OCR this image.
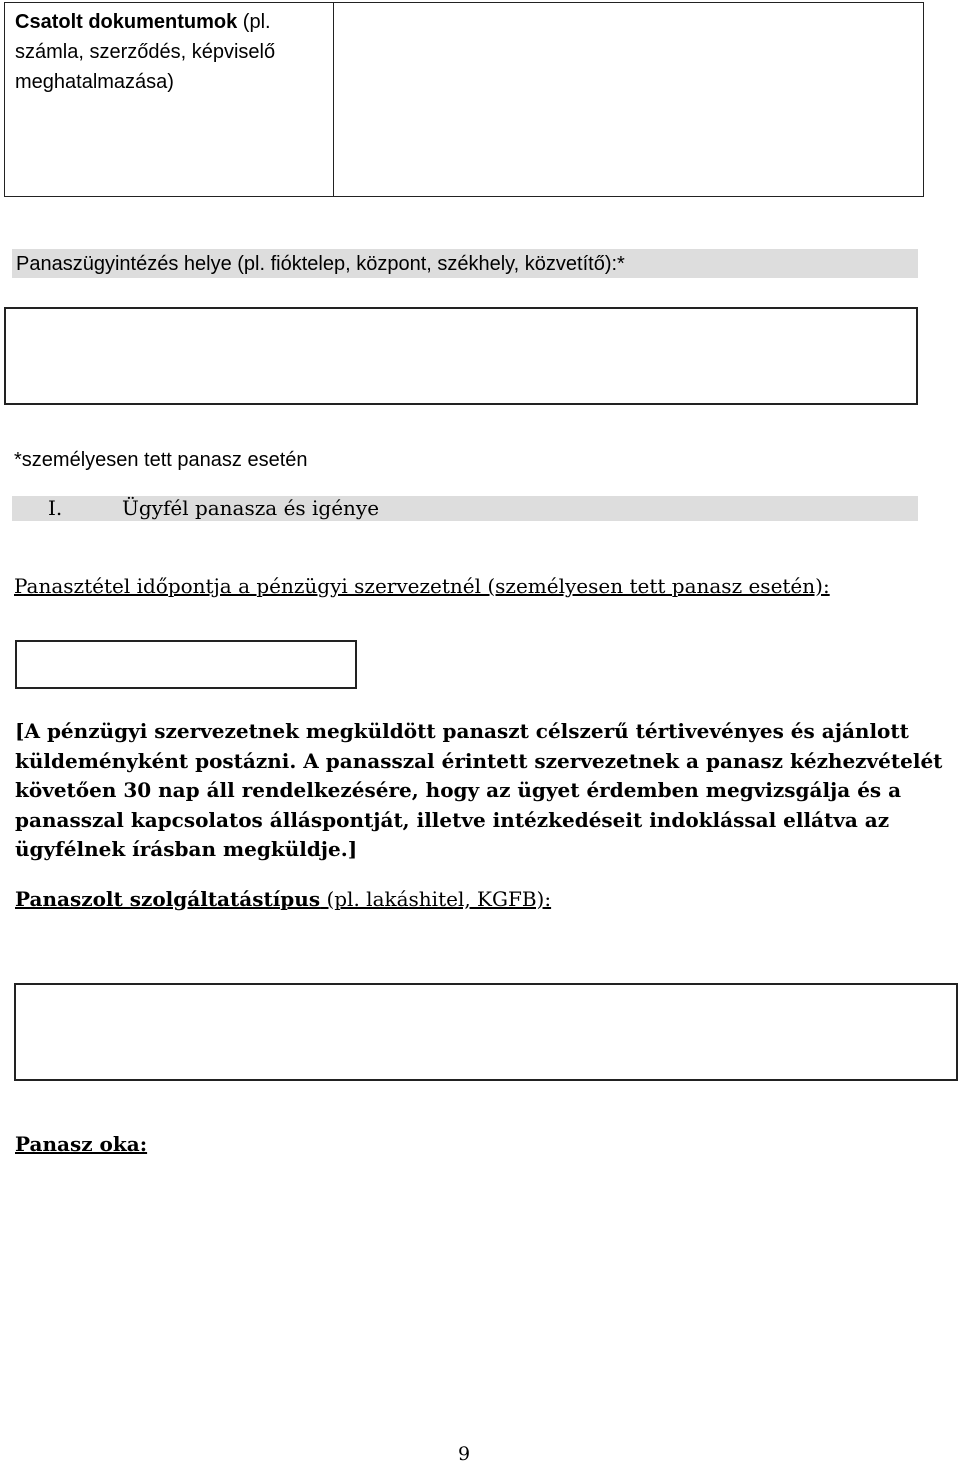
Csatolt dokumentumok (pl. számla, szerződés, képviselő meghatalmazása)
Panaszügyintézés helye (pl. fióktelep, központ, székhely, közvetítő):*
*személyesen tett panasz esetén
I.	Ügyfél panasza és igénye
Panasztétel időpontja a pénzügyi szervezetnél (személyesen tett panasz esetén):
[A pénzügyi szervezetnek megküldött panaszt célszerű tértivevényes és ajánlott küldeményként postázni. A panasszal érintett szervezetnek a panasz kézhezvételét követően 30 nap áll rendelkezésére, hogy az ügyet érdemben megvizsgálja és a panasszal kapcsolatos álláspontját, illetve intézkedéseit indoklással ellátva az ügyfélnek írásban megküldje.]
Panaszolt szolgáltatástípus (pl. lakáshitel, KGFB):
Panasz oka:
9
